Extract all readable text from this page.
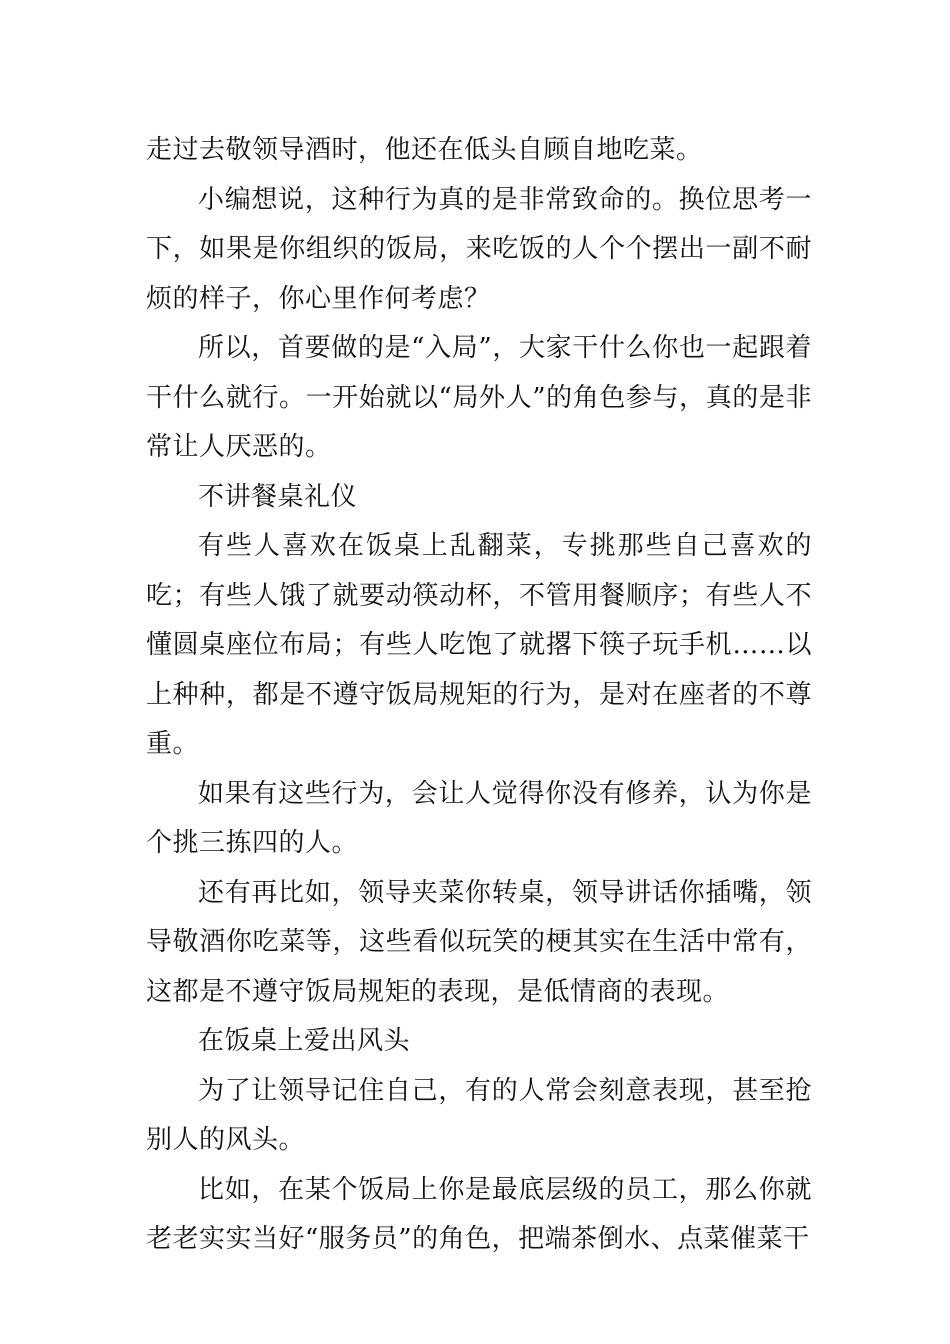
走过去敬领导酒时，他还在低头自顾自地吃菜。

小编想说，这种行为真的是非常致命的。换位思考一下，如果是你组织的饭局，来吃饭的人个个摆出一副不耐烦的样子，你心里作何考虑？

所以，首要做的是“入局”，大家干什么你也一起跟着干什么就行。一开始就以“局外人”的角色参与，真的是非常让人厌恶的。

不讲餐桌礼仪

有些人喜欢在饭桌上乱翻菜，专挑那些自己喜欢的吃；有些人饿了就要动筷动杯，不管用餐顺序；有些人不懂圆桌座位布局；有些人吃饱了就撂下筷子玩手机……以上种种，都是不遵守饭局规矩的行为，是对在座者的不尊重。

如果有这些行为，会让人觉得你没有修养，认为你是个挑三拣四的人。

还有再比如，领导夹菜你转桌，领导讲话你插嘴，领导敬酒你吃菜等，这些看似玩笑的梗其实在生活中常有，这都是不遵守饭局规矩的表现，是低情商的表现。

在饭桌上爱出风头

为了让领导记住自己，有的人常会刻意表现，甚至抢别人的风头。

比如，在某个饭局上你是最底层级的员工，那么你就老老实实当好“服务员”的角色，把端茶倒水、点菜催菜干
